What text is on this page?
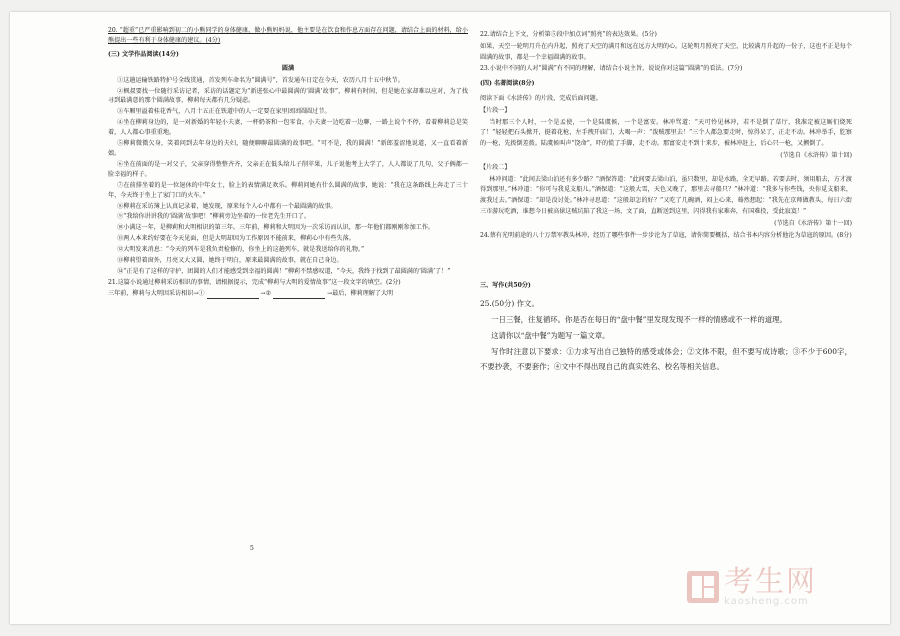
20. “超重”已严重影响到初二的小熊同学的身体健康，做小熊妈妈说，他主要是在饮食和作息方面存在问题，请结合上面的材料，给小熊提出一些有利于身体健康的建议。(4分)

(三) 文学作品阅读(14分)

圆满

①这趟运输铁路特护号全线贯通，首发列车命名为“圆满号”，首发通车日定在今天，农历八月十五中秋节。

②枫叔要找一位随行采访记者，采访的话题定为“新进张心中最圆满的‘圆满’故事”，柳莉有时间，但是她在家却难以应对，为了找寻到最满意的那个圆满故事，柳莉每天都有几分疑虑。

③车厢里溢着桂花香气，八月十五正在铁道中的人一定要在家里团团圆圆过节。

④坐在柳莉身边的，是一对新婚的年轻小夫妻，一杯奶茶和一包零食，小夫妻一边吃着一边聊，一路上说个不停，看着柳莉总是笑着，人人都心事重重地。

⑤柳莉微微欠身，笑着问到去年身边的夫妇，随便聊聊最圆满的故事吧。“可不是，我的圆满！”新郎羞涩地说道，又一直看着新娘。

⑥坐在前面的是一对父子，父亲穿得整整齐齐，父亲正在低头给儿子削苹果，儿子说他考上大学了，人人都说了几句，父子俩都一脸幸福的样子。

⑦在前排坐着的是一位退休的中年女士，脸上的表情满足欢乐。柳莉问她有什么圆满的故事，她说：“我在这条路线上奔走了三十年，今天终于坐上了家门口的火车。”

⑧柳莉在采访簿上认真记录着，她发现，原来每个人心中都有一个最圆满的故事。

⑨“我给你讲讲我的‘圆满’故事吧！”柳莉旁边坐着的一位老先生开口了。

⑩小满这一年，是柳莉和大明相识的第三年。三年前，柳莉和大明因为一次采访而认识，那一年他们都刚刚参加工作。

⑪两人本来约好要在今天见面，但是大明却因为工作原因不能前来，柳莉心中有些失落。

⑫大明发来消息：“今天的列车是我负责检修的，你坐上的这趟列车，就是我送给你的礼物。”

⑬柳莉望着窗外，月亮又大又圆，她终于明白，原来最圆满的故事，就在自己身边。

⑭“正是有了这样的守护，团圆的人们才能感受到幸福的圆满！”柳莉不禁感叹道，“今天，我终于找到了最圆满的‘圆满’了！”

21.这篇小说通过柳莉采访相识的事情，请根据提示，完成“柳莉与大明的爱情故事”这一段文字的填空。(2分)

三年前，柳莉与大明因采访相识→①	→②	→最后，柳莉理解了大明

5

22.请结合上下文，分析第⑤段中加点词“照亮”的表达效果。(5分)

如果，天空一轮明月升在内升起，照亮了天空的满月和远在远方大明的心。这轮明月照亮了天空，比较满月升起的一份子，这也不正是每个圆满的故事，都是一个幸福圆满的故事。

23.小说中不同的人对“圆满”有不同的理解，请结合小说主旨，说说你对这篇“圆满”的看法。(7分)

(四) 名著阅读(8分)

阅读下面《水浒传》的片段，完成后面问题。

【片段一】

当时那三个人时，一个是孟使，一个是陆虞候，一个是富安。林冲骂道：“天可怜见林冲，若不是倒了草厅，我准定被这厮们烧死了！”轻轻把石头掀开，挺着花枪，左手拽开庙门，大喝一声：“泼贼那里去！”三个人都急要走时，惊得呆了，正走不动。林冲举手，肐察的一枪，先拨倒差拨。陆虞候叫声“饶命”，吓的慌了手脚，走不动。那富安走不到十来步，被林冲赶上，后心只一枪，又搠倒了。

(节选自《水浒传》第十回)

【片段二】

林冲问道：“此间去梁山泊还有多少路？”酒保答道：“此间要去梁山泊，虽只数里，却是水路，全无早路。若要去时，须用船去，方才渡得到那里。”林冲道：“你可与我觅支船儿。”酒保道：“这般大雪，天色又晚了，那里去寻船只？”林冲道：“我多与你些钱，央你觅支船来，渡我过去。”酒保道：“却是没讨处。”林冲寻思道：“这般却怎的好？”又吃了几碗酒，闷上心来，蓦然想起：“我先在京师做教头，每日六街三市游玩吃酒，谁想今日被高俅这贼坑陷了我这一场，文了面，直断送到这里，闪得我有家难奔，有国难投，受此寂寞！”

(节选自《水浒传》第十一回)

24.蔡有光明前途的八十万禁军教头林冲，经历了哪些事件一步步沦为了草寇，请你简要概括，结合书本内容分析他沦为草寇的原因。(8分)

三、写作(共50分)

25.(50分) 作文。

一日三餐，往复循环。你是否在每日的“盘中餐”里发现发现不一样的情感或不一样的道理。

这请你以“盘中餐”为题写一篇文章。

写作时注意以下要求：①力求写出自己独特的感受或体会；②文体不限，但不要写成诗歌；③不少于600字，不要抄袭，不要套作；④文中不得出现自己的真实姓名、校名等相关信息。

考生网
kaosheng.com
